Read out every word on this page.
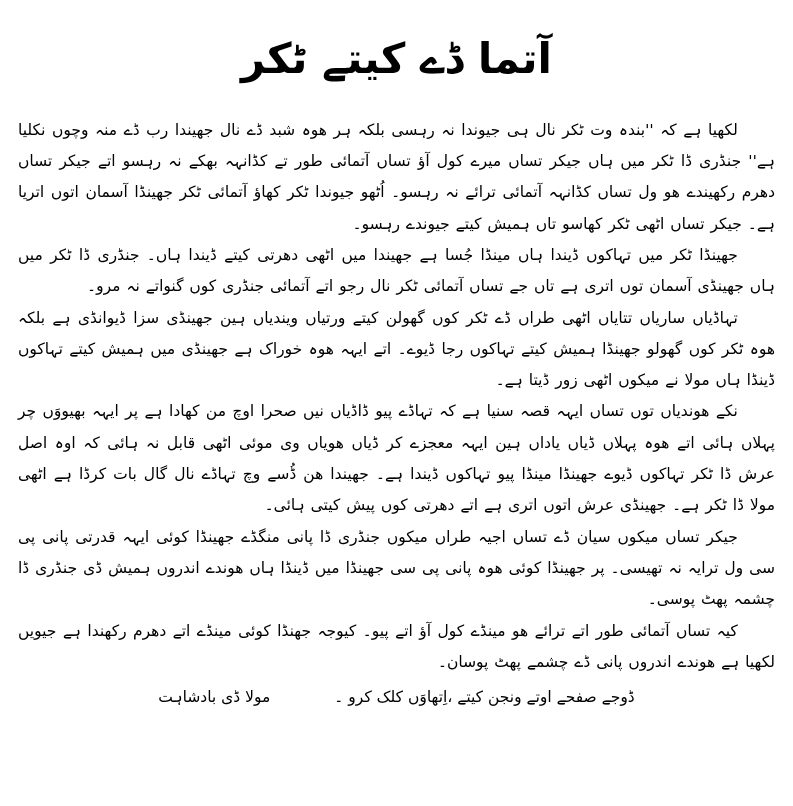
آتما ڈے کیتے ٹکر

لکھیا ہے کہ ''بندہ وت ٹکر نال ہی جیوندا نہ رہسی بلکہ ہر ھوہ شبد ڈے نال جھیندا رب ڈے منہ وچوں نکلیا ہے'' جنڈری ڈا ٹکر میں ہاں جیکر تساں میرے کول آؤ تساں آتمائی طور تے کڈانہہ بھکے نہ رہسو اتے جیکر تساں دھرم رکھیندے ھو ول تساں کڈانہہ آتمائی ترائے نہ رہسو۔ اُٹھو جیوندا ٹکر کھاؤ آتمائی ٹکر جھینڈا آسمان اتوں اتریا ہے۔ جیکر تساں اٹھی ٹکر کھاسو تاں ہمیش کیتے جیوندے رہسو۔

جھینڈا ٹکر میں تہاکوں ڈیندا ہاں مینڈا جُسا ہے جھیندا میں اٹھی دھرتی کیتے ڈیندا ہاں۔ جنڈری ڈا ٹکر میں ہاں جھینڈی آسمان توں اتری ہے تاں جے تساں آتمائی ٹکر نال رجو اتے آتمائی جنڈری کوں گنواتے نہ مرو۔

تہاڈیاں ساریاں تتایاں اٹھی طراں ڈے ٹکر کوں گھولن کیتے ورتیاں ویندیاں ہین جھینڈی سزا ڈیوانڈی ہے بلکہ ھوہ ٹکر کوں گھولو جھینڈا ہمیش کیتے تہاکوں رجا ڈیوے۔ اتے ایہہ ھوہ خوراک ہے جھینڈی میں ہمیش کیتے تہاکوں ڈینڈا ہاں مولا نے میکوں اٹھی زور ڈیتا ہے۔

نکے ھوندیاں توں تساں ایہہ قصہ سنیا ہے کہ تہاڈے پیو ڈاڈیاں نیں صحرا اوچ من کھادا ہے پر ایہہ بھیووَں چر پہلاں ہائی اتے ھوہ پہلاں ڈیاں یاداں ہین ایہہ معجزے کر ڈیاں ھویاں وی موئی اٹھی قابل نہ ہائی کہ اوہ اصل عرش ڈا ٹکر تہاکوں ڈیوے جھینڈا مینڈا پیو تہاکوں ڈیندا ہے۔ جھیندا ھن ڈُسے وچ تہاڈے نال گال بات کرڈا ہے اٹھی مولا ڈا ٹکر ہے۔ جھینڈی عرش اتوں اتری ہے اتے دھرتی کوں پیش کیتی ہائی۔

جیکر تساں میکوں سیان ڈے تساں اجیہ طراں میکوں جنڈری ڈا پانی منگڈے جھینڈا کوئی ایہہ قدرتی پانی پی سی ول ترایہ نہ تھیسی۔ پر جھینڈا کوئی ھوہ پانی پی سی جھینڈا میں ڈینڈا ہاں ھوندے اندروں ہمیش ڈی جنڈری ڈا چشمہ پھٹ پوسی۔

کیہ تساں آتمائی طور اتے ترائے ھو مینڈے کول آؤ اتے پیو۔ کیوجہ جھنڈا کوئی مینڈے اتے دھرم رکھندا ہے جیویں لکھیا ہے ھوندے اندروں پانی ڈے چشمے پھٹ پوسان۔

ڈوجے صفحے اوتے ونجن کیتے ،اِتھاوَں کلک کرو ۔
مولا ڈی بادشاہت
